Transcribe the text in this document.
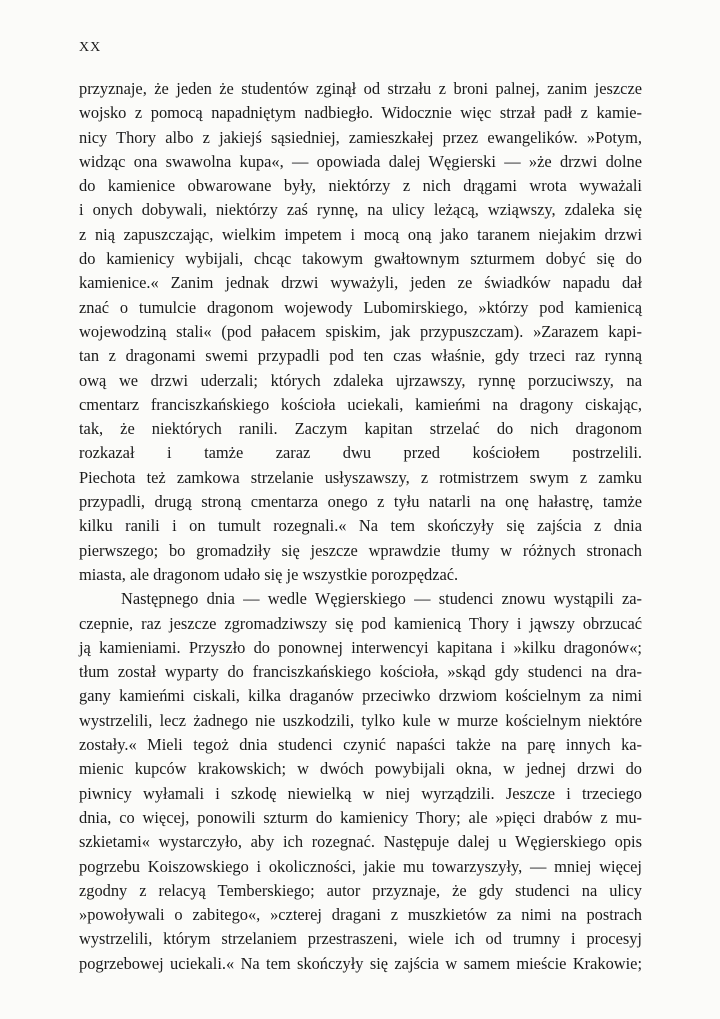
XX
przyznaje, że jeden że studentów zginął od strzału z broni palnej, zanim jeszcze
wojsko z pomocą napadniętym nadbiegło. Widocznie więc strzał padł z kamie-
nicy Thory albo z jakiejś sąsiedniej, zamieszkałej przez ewangelików. »Potym,
widząc ona swawolna kupa«, — opowiada dalej Węgierski — »że drzwi dolne
do kamienice obwarowane były, niektórzy z nich drągami wrota wyważali
i onych dobywali, niektórzy zaś rynnę, na ulicy leżącą, wziąwszy, zdaleka się
z nią zapuszczając, wielkim impetem i mocą oną jako taranem niejakim drzwi
do kamienicy wybijali, chcąc takowym gwałtownym szturmem dobyć się do
kamienice.« Zanim jednak drzwi wyważyli, jeden ze świadków napadu dał
znać o tumulcie dragonom wojewody Lubomirskiego, »którzy pod kamienicą
wojewodziną stali« (pod pałacem spiskim, jak przypuszczam). »Zarazem kapi-
tan z dragonami swemi przypadli pod ten czas właśnie, gdy trzeci raz rynną
ową we drzwi uderzali; których zdaleka ujrzawszy, rynnę porzuciwszy, na
cmentarz franciszkańskiego kościoła uciekali, kamieńmi na dragony ciskając,
tak, że niektórych ranili. Zaczym kapitan strzelać do nich dragonom
rozkazał i tamże zaraz dwu przed kościołem postrzelili.
Piechota też zamkowa strzelanie usłyszawszy, z rotmistrzem swym z zamku
przypadli, drugą stroną cmentarza onego z tyłu natarli na onę hałastrę, tamże
kilku ranili i on tumult rozegnali.« Na tem skończyły się zajścia z dnia
pierwszego; bo gromadziły się jeszcze wprawdzie tłumy w różnych stronach
miasta, ale dragonom udało się je wszystkie porozpędzać.
Następnego dnia — wedle Węgierskiego — studenci znowu wystąpili za-
czepnie, raz jeszcze zgromadziwszy się pod kamienicą Thory i jąwszy obrzucać
ją kamieniami. Przyszło do ponownej interwencyi kapitana i »kilku dragonów«;
tłum został wyparty do franciszkańskiego kościoła, »skąd gdy studenci na dra-
gany kamieńmi ciskali, kilka draganów przeciwko drzwiom kościelnym za nimi
wystrzelili, lecz żadnego nie uszkodzili, tylko kule w murze kościelnym niektóre
zostały.« Mieli tegoż dnia studenci czynić napaści także na parę innych ka-
mienic kupców krakowskich; w dwóch powybijali okna, w jednej drzwi do
piwnicy wyłamali i szkodę niewielką w niej wyrządzili. Jeszcze i trzeciego
dnia, co więcej, ponowili szturm do kamienicy Thory; ale »pięci drabów z mu-
szkietami« wystarczyło, aby ich rozegnać. Następuje dalej u Węgierskiego opis
pogrzebu Koiszowskiego i okoliczności, jakie mu towarzyszyły, — mniej więcej
zgodny z relacyą Temberskiego; autor przyznaje, że gdy studenci na ulicy
»powoływali o zabitego«, »czterej dragani z muszkietów za nimi na postrach
wystrzelili, którym strzelaniem przestraszeni, wiele ich od trumny i procesyj
pogrzebowej uciekali.« Na tem skończyły się zajścia w samem mieście Krakowie;
